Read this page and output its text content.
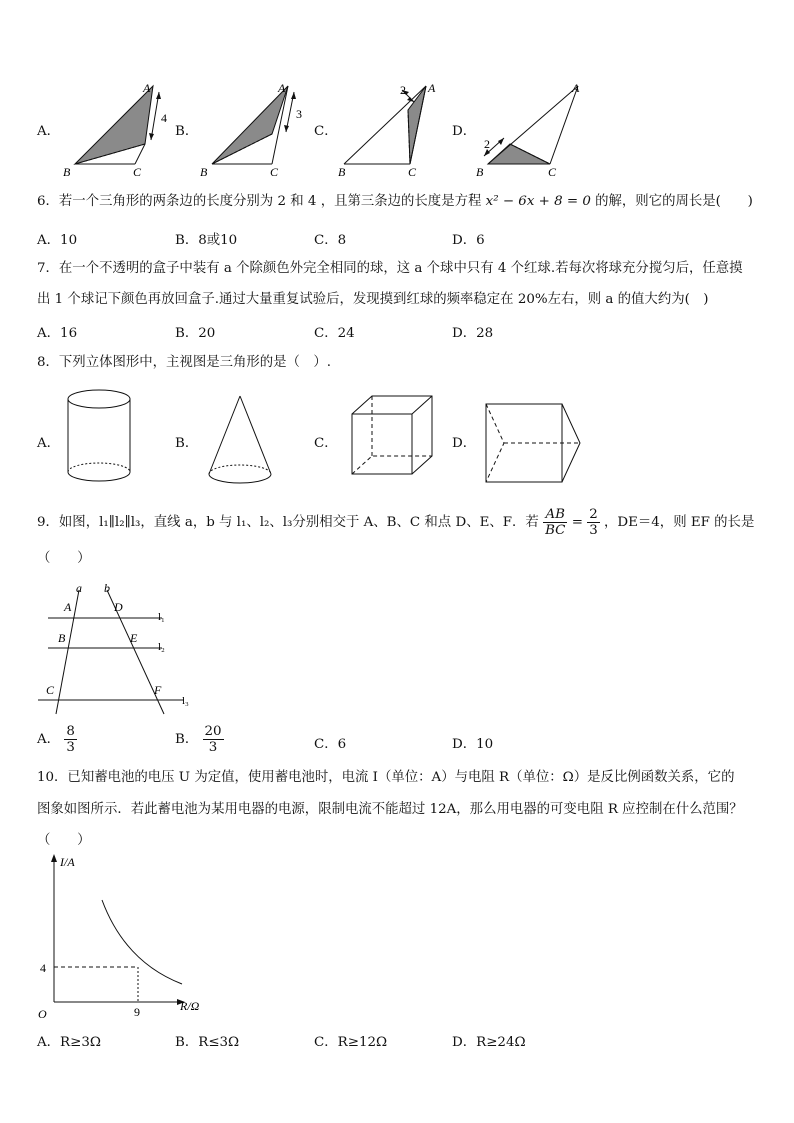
A．	B．	C．	D．
A
B	C
4
A
B	C
3
A
B	C
2	A
B	C
2
6．若一个三角形的两条边的长度分别为 2 和 4 ，且第三条边的长度是方程 x² − 6x + 8 = 0 的解，则它的周长是(　　)
A．10	B．8或10	C．8	D．6
7．在一个不透明的盒子中装有 a 个除颜色外完全相同的球，这 a 个球中只有 4 个红球.若每次将球充分搅匀后，任意摸
出 1 个球记下颜色再放回盒子.通过大量重复试验后，发现摸到红球的频率稳定在 20%左右，则 a 的值大约为(　)
A．16	B．20	C．24	D．28
8．下列立体图形中，主视图是三角形的是（　）.
A．	B．	C．	D．
9．如图，l₁∥l₂∥l₃，直线 a，b 与 l₁、l₂、l₃分别相交于 A、B、C 和点 D、E、F．若 $\frac{AB}{BC} = \frac{2}{3}$ ，DE＝4，则 EF 的长是
（　　）
a b
A	D
B	E
C	F
l₁
l₂
l₃
A． $\frac{8}{3}$	B． $\frac{20}{3}$	C．6	D．10
10．已知蓄电池的电压 U 为定值，使用蓄电池时，电流 I（单位：A）与电阻 R（单位：Ω）是反比例函数关系，它的
图象如图所示．若此蓄电池为某用电器的电源，限制电流不能超过 12A，那么用电器的可变电阻 R 应控制在什么范围？
（　　）
I/A
R/Ω
O
4
9
A．R≥3Ω	B．R≤3Ω	C．R≥12Ω	D．R≥24Ω
